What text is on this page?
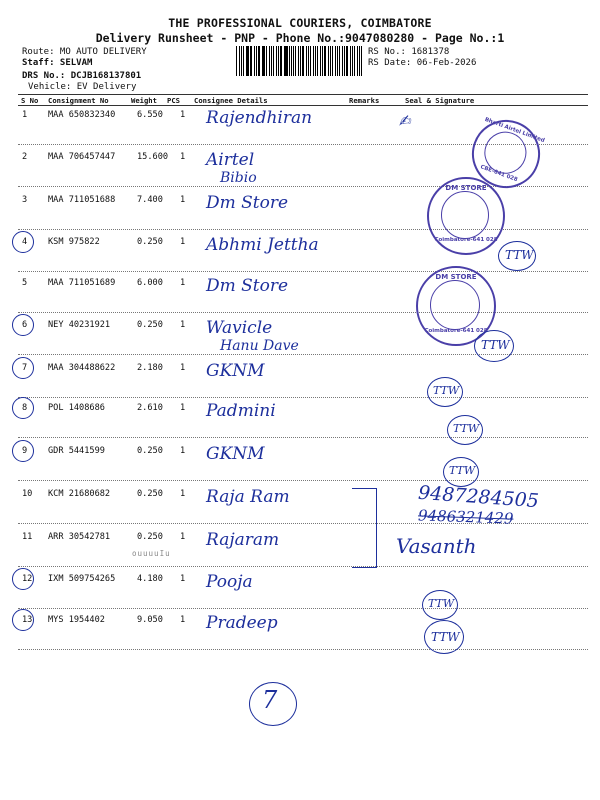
THE PROFESSIONAL COURIERS, COIMBATORE
Delivery Runsheet - PNP - Phone No.:9047080280 - Page No.:1
Route: MO AUTO DELIVERY
Staff: SELVAM
DRS No.: DCJB168137801
Vehicle: EV Delivery
RS No.: 1681378
RS Date: 06-Feb-2026
S No Consignment No	Weight PCS Consignee Details	Remarks	Seal & Signature
1 MAA 650832340	6.550 1 Rajendhiran
2 MAA 706457447	15.600 1 Airtel
Bibio
3 MAA 711051688	7.400 1 Dm Store
4 KSM 975822	0.250 1 Abhmi Jettha
5 MAA 711051689	6.000 1 Dm Store
6 NEY 40231921	0.250 1 Wavicle
Hanu Dave
7 MAA 304488622	2.180 1 GKNM
8 POL 1408686	2.610 1 Padmini
9 GDR 5441599	0.250 1 GKNM
10 KCM 21680682	0.250 1 Raja Ram
11 ARR 30542781	0.250 1 Rajaram
12 IXM 509754265	4.180 1 Pooja
13 MYS 1954402	9.050 1 Pradeep
✍︎	Bharti Airtel Limited
CBE-641 028
DM STORE
Coimbatore-641 028
TTW
DM STORE
Coimbatore-641 028
TTW
TTW
TTW
TTW
9487284505
9486321429
Vasanth
ouuuuIu
TTW
TTW
7
